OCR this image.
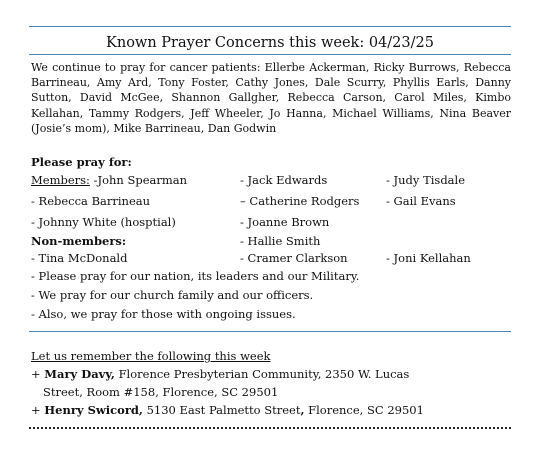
Known Prayer Concerns this week: 04/23/25
We continue to pray for cancer patients: Ellerbe Ackerman, Ricky Burrows, Rebecca Barrineau, Amy Ard, Tony Foster, Cathy Jones, Dale Scurry, Phyllis Earls, Danny Sutton, David McGee, Shannon Gallgher, Rebecca Carson, Carol Miles, Kimbo Kellahan, Tammy Rodgers, Jeff Wheeler, Jo Hanna, Michael Williams, Nina Beaver (Josie’s mom), Mike Barrineau, Dan Godwin
Please pray for:
Members: -John Spearman	- Jack Edwards	- Judy Tisdale
- Rebecca Barrineau	– Catherine Rodgers	- Gail Evans
- Johnny White (hosptial)	- Joanne Brown
Non-members:	- Hallie Smith
- Tina McDonald	- Cramer Clarkson	- Joni Kellahan
- Please pray for our nation, its leaders and our Military.
- We pray for our church family and our officers.
- Also, we pray for those with ongoing issues.
Let us remember the following this week
+ Mary Davy, Florence Presbyterian Community, 2350 W. Lucas
Street, Room #158, Florence, SC 29501
+ Henry Swicord, 5130 East Palmetto Street, Florence, SC 29501
